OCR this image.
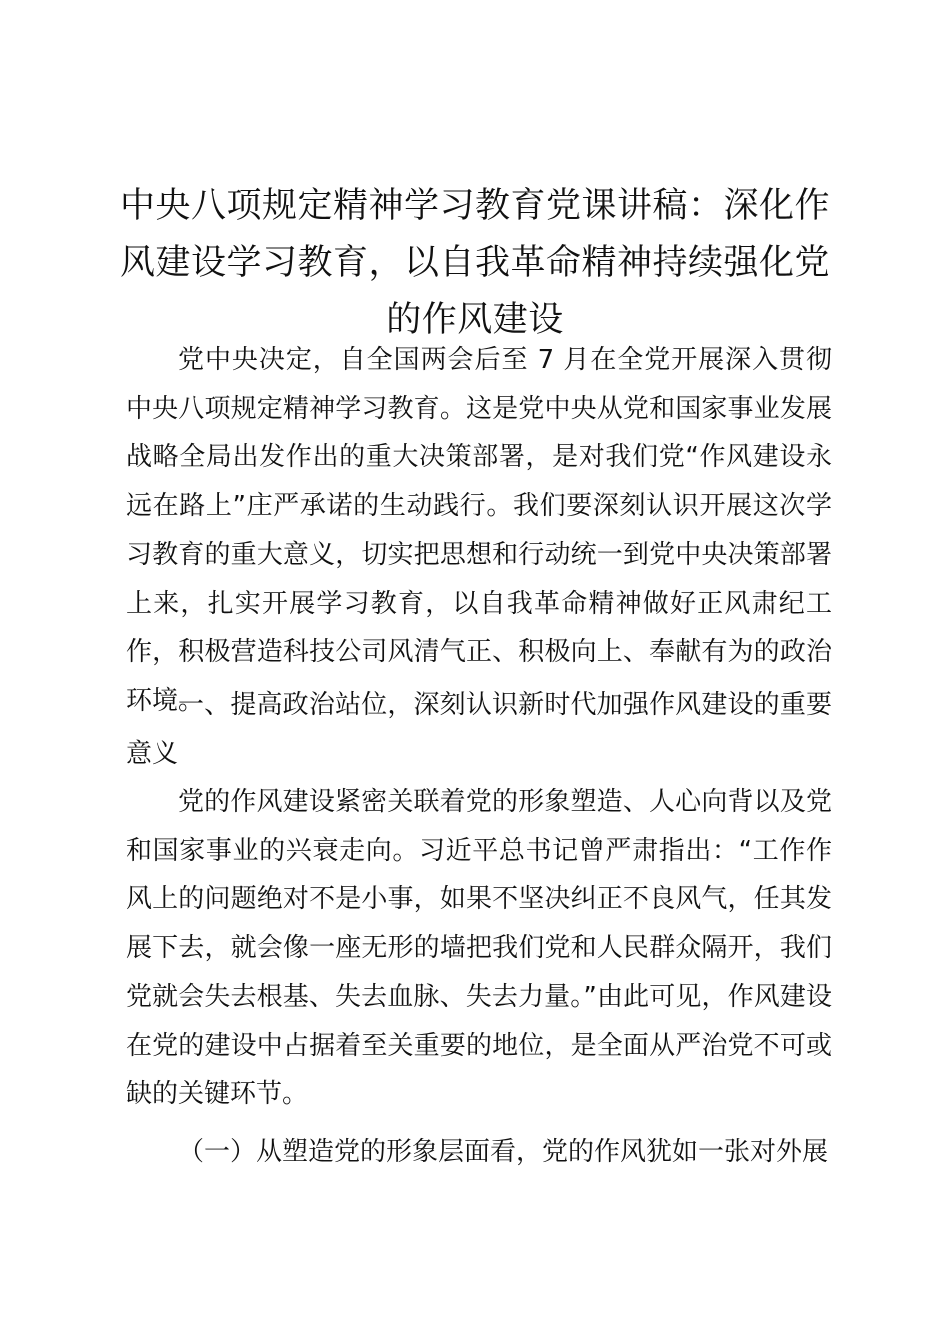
中央八项规定精神学习教育党课讲稿：深化作风建设学习教育，以自我革命精神持续强化党的作风建设

党中央决定，自全国两会后至 7 月在全党开展深入贯彻中央八项规定精神学习教育。这是党中央从党和国家事业发展战略全局出发作出的重大决策部署，是对我们党“作风建设永远在路上”庄严承诺的生动践行。我们要深刻认识开展这次学习教育的重大意义，切实把思想和行动统一到党中央决策部署上来，扎实开展学习教育，以自我革命精神做好正风肃纪工作，积极营造科技公司风清气正、积极向上、奉献有为的政治环境。

一、提高政治站位，深刻认识新时代加强作风建设的重要意义

党的作风建设紧密关联着党的形象塑造、人心向背以及党和国家事业的兴衰走向。习近平总书记曾严肃指出：“工作作风上的问题绝对不是小事，如果不坚决纠正不良风气，任其发展下去，就会像一座无形的墙把我们党和人民群众隔开，我们党就会失去根基、失去血脉、失去力量。”由此可见，作风建设在党的建设中占据着至关重要的地位，是全面从严治党不可或缺的关键环节。

（一）从塑造党的形象层面看，党的作风犹如一张对外展
